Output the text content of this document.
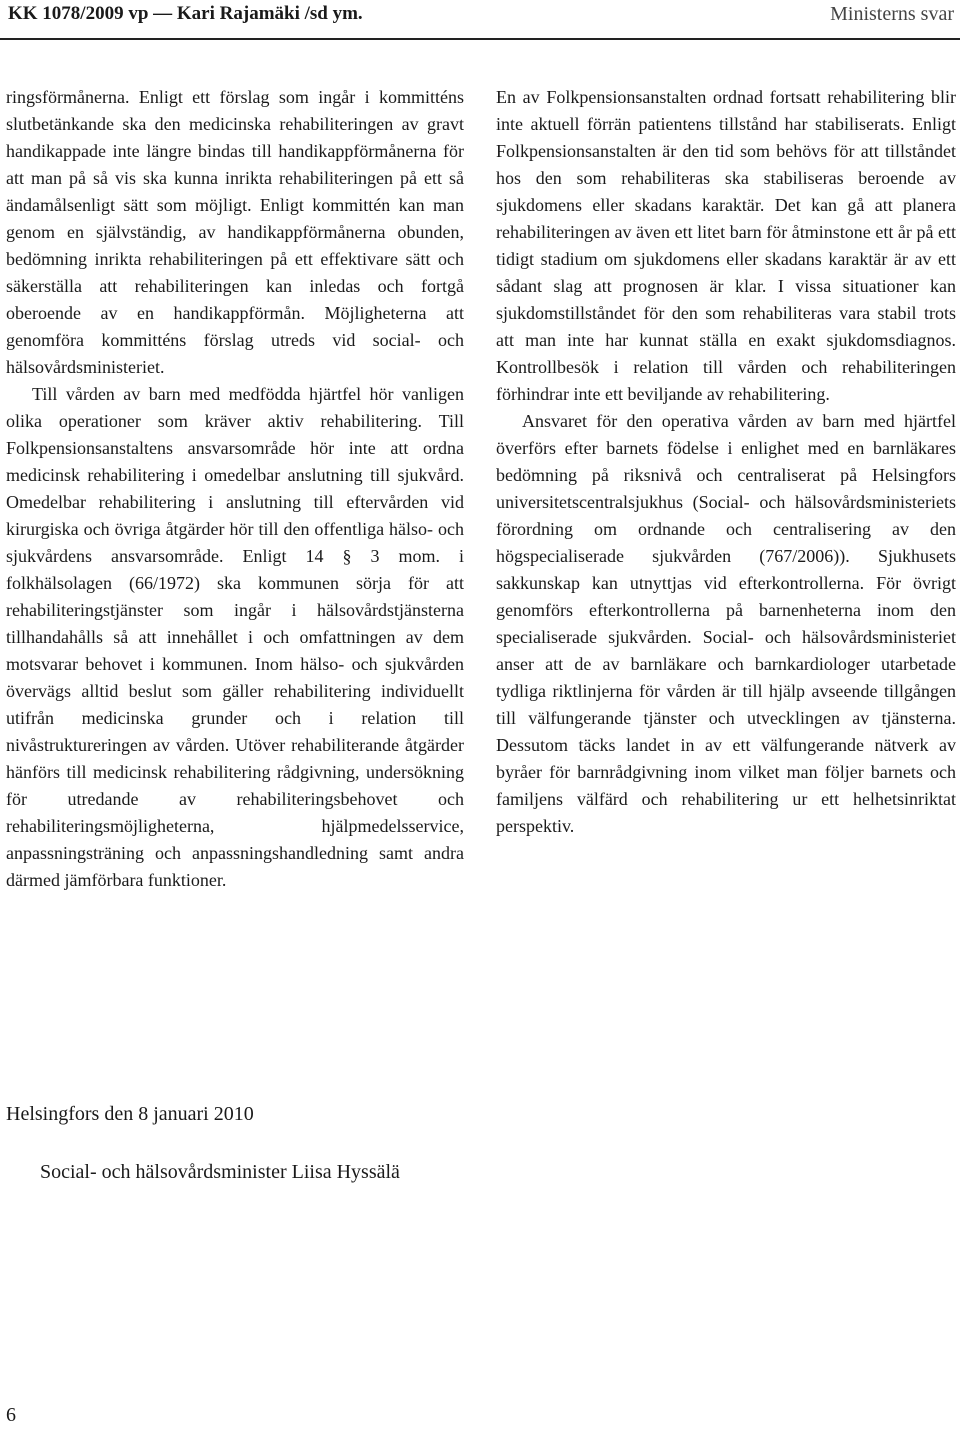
KK 1078/2009 vp — Kari Rajamäki /sd ym.	Ministerns svar

ringsförmånerna. Enligt ett förslag som ingår i kommitténs slutbetänkande ska den medicinska rehabiliteringen av gravt handikappade inte längre bindas till handikappförmånerna för att man på så vis ska kunna inrikta rehabiliteringen på ett så ändamålsenligt sätt som möjligt. Enligt kommittén kan man genom en självständig, av handikappförmånerna obunden, bedömning inrikta rehabiliteringen på ett effektivare sätt och säkerställa att rehabiliteringen kan inledas och fortgå oberoende av en handikappförmån. Möjligheterna att genomföra kommitténs förslag utreds vid social- och hälsovårdsministeriet.

Till vården av barn med medfödda hjärtfel hör vanligen olika operationer som kräver aktiv rehabilitering. Till Folkpensionsanstaltens ansvarsområde hör inte att ordna medicinsk rehabilitering i omedelbar anslutning till sjukvård. Omedelbar rehabilitering i anslutning till eftervården vid kirurgiska och övriga åtgärder hör till den offentliga hälso- och sjukvårdens ansvarsområde. Enligt 14 § 3 mom. i folkhälsolagen (66/1972) ska kommunen sörja för att rehabiliteringstjänster som ingår i hälsovårdstjänsterna tillhandahålls så att innehållet i och omfattningen av dem motsvarar behovet i kommunen. Inom hälso- och sjukvården övervägs alltid beslut som gäller rehabilitering individuellt utifrån medicinska grunder och i relation till nivåstruktureringen av vården. Utöver rehabiliterande åtgärder hänförs till medicinsk rehabilitering rådgivning, undersökning för utredande av rehabiliteringsbehovet och rehabiliteringsmöjligheterna, hjälpmedelsservice, anpassningsträning och anpassningshandledning samt andra därmed jämförbara funktioner.

En av Folkpensionsanstalten ordnad fortsatt rehabilitering blir inte aktuell förrän patientens tillstånd har stabiliserats. Enligt Folkpensionsanstalten är den tid som behövs för att tillståndet hos den som rehabiliteras ska stabiliseras beroende av sjukdomens eller skadans karaktär. Det kan gå att planera rehabiliteringen av även ett litet barn för åtminstone ett år på ett tidigt stadium om sjukdomens eller skadans karaktär är av ett sådant slag att prognosen är klar. I vissa situationer kan sjukdomstillståndet för den som rehabiliteras vara stabil trots att man inte har kunnat ställa en exakt sjukdomsdiagnos. Kontrollbesök i relation till vården och rehabiliteringen förhindrar inte ett beviljande av rehabilitering.

Ansvaret för den operativa vården av barn med hjärtfel överförs efter barnets födelse i enlighet med en barnläkares bedömning på riksnivå och centraliserat på Helsingfors universitetscentralsjukhus (Social- och hälsovårdsministeriets förordning om ordnande och centralisering av den högspecialiserade sjukvården (767/2006)). Sjukhusets sakkunskap kan utnyttjas vid efterkontrollerna. För övrigt genomförs efterkontrollerna på barnenheterna inom den specialiserade sjukvården. Social- och hälsovårdsministeriet anser att de av barnläkare och barnkardiologer utarbetade tydliga riktlinjerna för vården är till hjälp avseende tillgången till välfungerande tjänster och utvecklingen av tjänsterna. Dessutom täcks landet in av ett välfungerande nätverk av byråer för barnrådgivning inom vilket man följer barnets och familjens välfärd och rehabilitering ur ett helhetsinriktat perspektiv.

Helsingfors den 8 januari 2010
Social- och hälsovårdsminister Liisa Hyssälä
6
